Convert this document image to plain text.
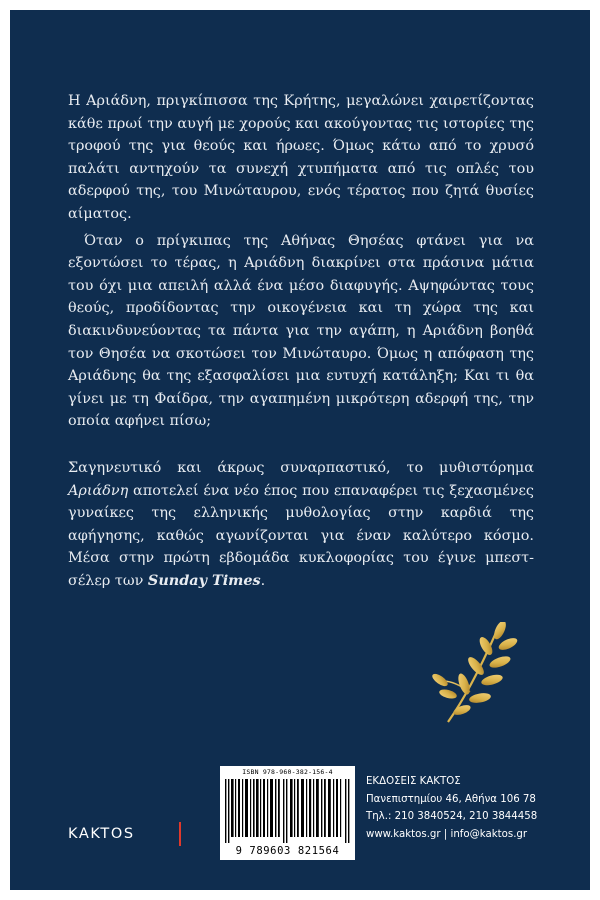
Η Αριάδνη, πριγκίπισσα της Κρήτης, μεγαλώνει χαιρετίζοντας κάθε πρωί την αυγή με χορούς και ακούγοντας τις ιστορίες της τροφού της για θεούς και ήρωες. Όμως κάτω από το χρυσό παλάτι αντηχούν τα συνεχή χτυπήματα από τις οπλές του αδερφού της, του Μινώταυρου, ενός τέρατος που ζητά θυσίες αίματος.

Όταν ο πρίγκιπας της Αθήνας Θησέας φτάνει για να εξοντώσει το τέρας, η Αριάδνη διακρίνει στα πράσινα μάτια του όχι μια απειλή αλλά ένα μέσο διαφυγής. Αψηφώντας τους θεούς, προδίδοντας την οικογένεια και τη χώρα της και διακινδυνεύοντας τα πάντα για την αγάπη, η Αριάδνη βοηθά τον Θησέα να σκοτώσει τον Μινώταυρο. Όμως η απόφαση της Αριάδνης θα της εξασφαλίσει μια ευτυχή κατάληξη; Και τι θα γίνει με τη Φαίδρα, την αγαπημένη μικρότερη αδερφή της, την οποία αφήνει πίσω;

Σαγηνευτικό και άκρως συναρπαστικό, το μυθιστόρημα Αριάδνη αποτελεί ένα νέο έπος που επαναφέρει τις ξεχασμένες γυναίκες της ελληνικής μυθολογίας στην καρδιά της αφήγησης, καθώς αγωνίζονται για έναν καλύτερο κόσμο. Μέσα στην πρώτη εβδομάδα κυκλοφορίας του έγινε μπεστ-σέλερ των Sunday Times.

ISBN 978-960-382-156-4
9 789603 821564
KAKTOS
ΕΚΔΟΣΕΙΣ ΚΑΚΤΟΣ
Πανεπιστημίου 46, Αθήνα 106 78
Τηλ.: 210 3840524, 210 3844458
www.kaktos.gr | info@kaktos.gr
